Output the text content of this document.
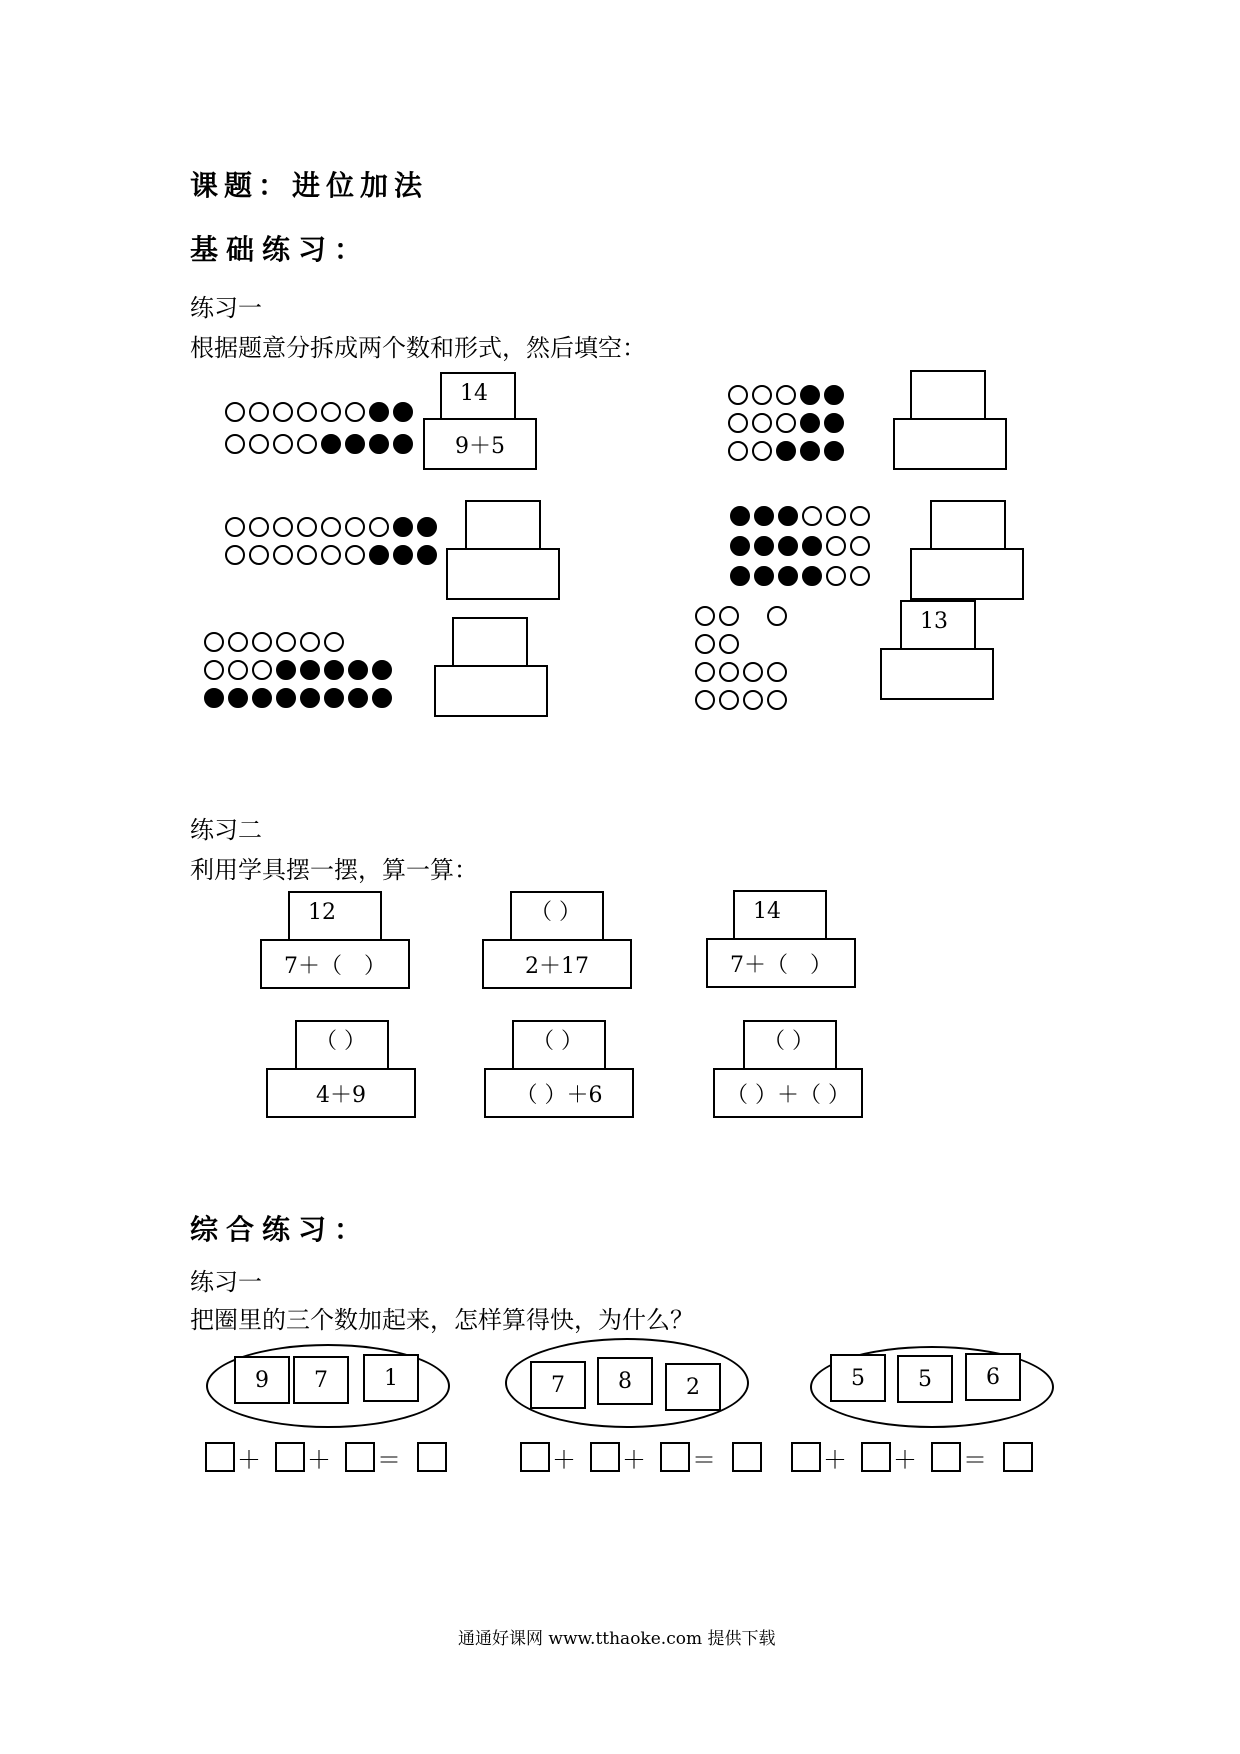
课题：进位加法
基础练习：
练习一
根据题意分拆成两个数和形式，然后填空：
14
9＋5
13
练习二
利用学具摆一摆，算一算：
12
7＋（　）
（ ）
2＋17
14
7＋（　）
（ ）
4＋9
（ ）
（ ）＋6
（ ）
（ ）＋（ ）
综合练习：
练习一
把圈里的三个数加起来，怎样算得快，为什么？
9	7	1
＋ ＋ ＝
7	8	2
＋ ＋ ＝
5	5	6
＋ ＋ ＝
通通好课网 www.tthaoke.com 提供下载
